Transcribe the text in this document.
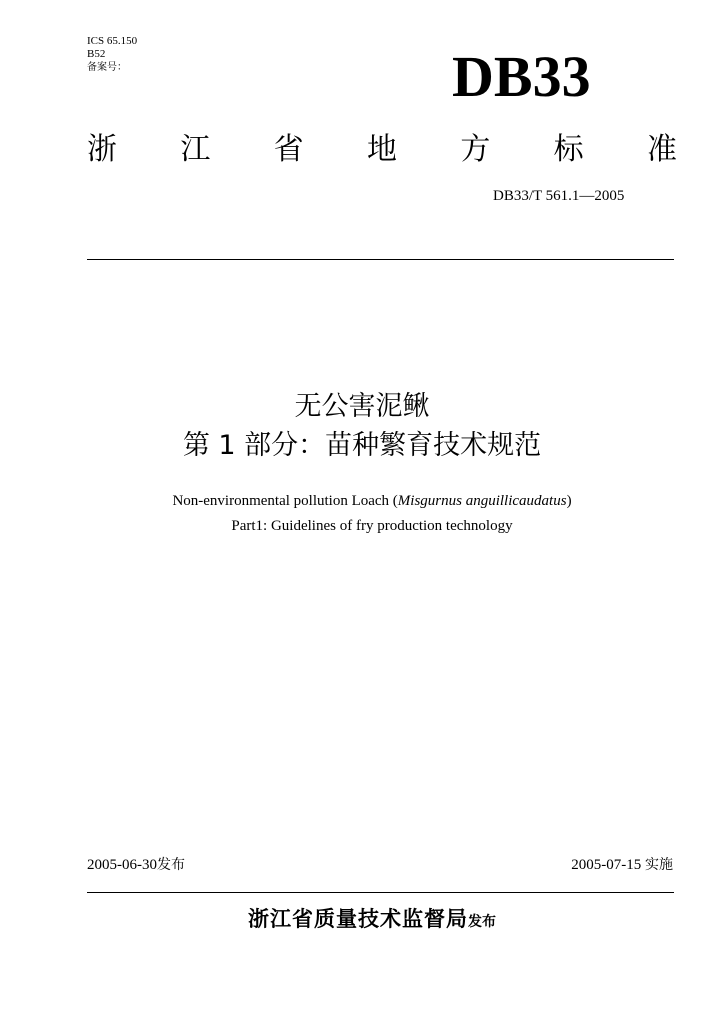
ICS 65.150
B52
备案号：	DB33
浙 江 省 地 方 标 准
DB33/T 561.1—2005
无公害泥鳅
第 1 部分：苗种繁育技术规范
Non-environmental pollution Loach (Misgurnus anguillicaudatus)
Part1: Guidelines of fry production technology
2005-06-30发布	2005-07-15 实施
浙江省质量技术监督局发布
